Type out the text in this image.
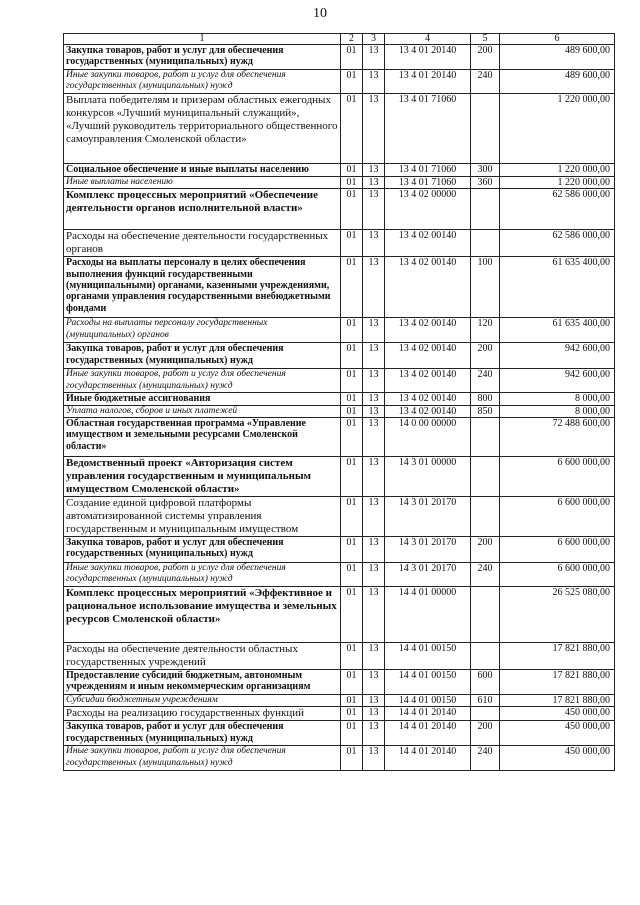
10
1	2	3	4	5	6
Закупка товаров, работ и услуг для обеспечения государственных (муниципальных) нужд	01	13	13 4 01 20140	200	489 600,00
Иные закупки товаров, работ и услуг для обеспечения государственных (муниципальных) нужд	01	13	13 4 01 20140	240	489 600,00
Выплата победителям и призерам областных ежегодных конкурсов «Лучший муниципальный служащий», «Лучший руководитель территориального общественного самоуправления Смоленской области»	01	13	13 4 01 71060		1 220 000,00
Социальное обеспечение и иные выплаты населению	01	13	13 4 01 71060	300	1 220 000,00
Иные выплаты населению	01	13	13 4 01 71060	360	1 220 000,00
Комплекс процессных мероприятий «Обеспечение деятельности органов исполнительной власти»	01	13	13 4 02 00000		62 586 000,00
Расходы на обеспечение деятельности государственных органов	01	13	13 4 02 00140		62 586 000,00
Расходы на выплаты персоналу в целях обеспечения выполнения функций государственными (муниципальными) органами, казенными учреждениями, органами управления государственными внебюджетными фондами	01	13	13 4 02 00140	100	61 635 400,00
Расходы на выплаты персоналу государственных (муниципальных) органов	01	13	13 4 02 00140	120	61 635 400,00
Закупка товаров, работ и услуг для обеспечения государственных (муниципальных) нужд	01	13	13 4 02 00140	200	942 600,00
Иные закупки товаров, работ и услуг для обеспечения государственных (муниципальных) нужд	01	13	13 4 02 00140	240	942 600,00
Иные бюджетные ассигнования	01	13	13 4 02 00140	800	8 000,00
Уплата налогов, сборов и иных платежей	01	13	13 4 02 00140	850	8 000,00
Областная государственная программа «Управление имуществом и земельными ресурсами Смоленской области»	01	13	14 0 00 00000		72 488 600,00
Ведомственный проект «Авторизация систем управления государственным и муниципальным имуществом Смоленской области»	01	13	14 3 01 00000		6 600 000,00
Создание единой цифровой платформы автоматизированной системы управления государственным и муниципальным имуществом	01	13	14 3 01 20170		6 600 000,00
Закупка товаров, работ и услуг для обеспечения государственных (муниципальных) нужд	01	13	14 3 01 20170	200	6 600 000,00
Иные закупки товаров, работ и услуг для обеспечения государственных (муниципальных) нужд	01	13	14 3 01 20170	240	6 600 000,00
Комплекс процессных мероприятий «Эффективное и рациональное использование имущества и земельных ресурсов Смоленской области»	01	13	14 4 01 00000		26 525 080,00
Расходы на обеспечение деятельности областных государственных учреждений	01	13	14 4 01 00150		17 821 880,00
Предоставление субсидий бюджетным, автономным учреждениям и иным некоммерческим организациям	01	13	14 4 01 00150	600	17 821 880,00
Субсидии бюджетным учреждениям	01	13	14 4 01 00150	610	17 821 880,00
Расходы на реализацию государственных функций	01	13	14 4 01 20140		450 000,00
Закупка товаров, работ и услуг для обеспечения государственных (муниципальных) нужд	01	13	14 4 01 20140	200	450 000,00
Иные закупки товаров, работ и услуг для обеспечения государственных (муниципальных) нужд	01	13	14 4 01 20140	240	450 000,00
